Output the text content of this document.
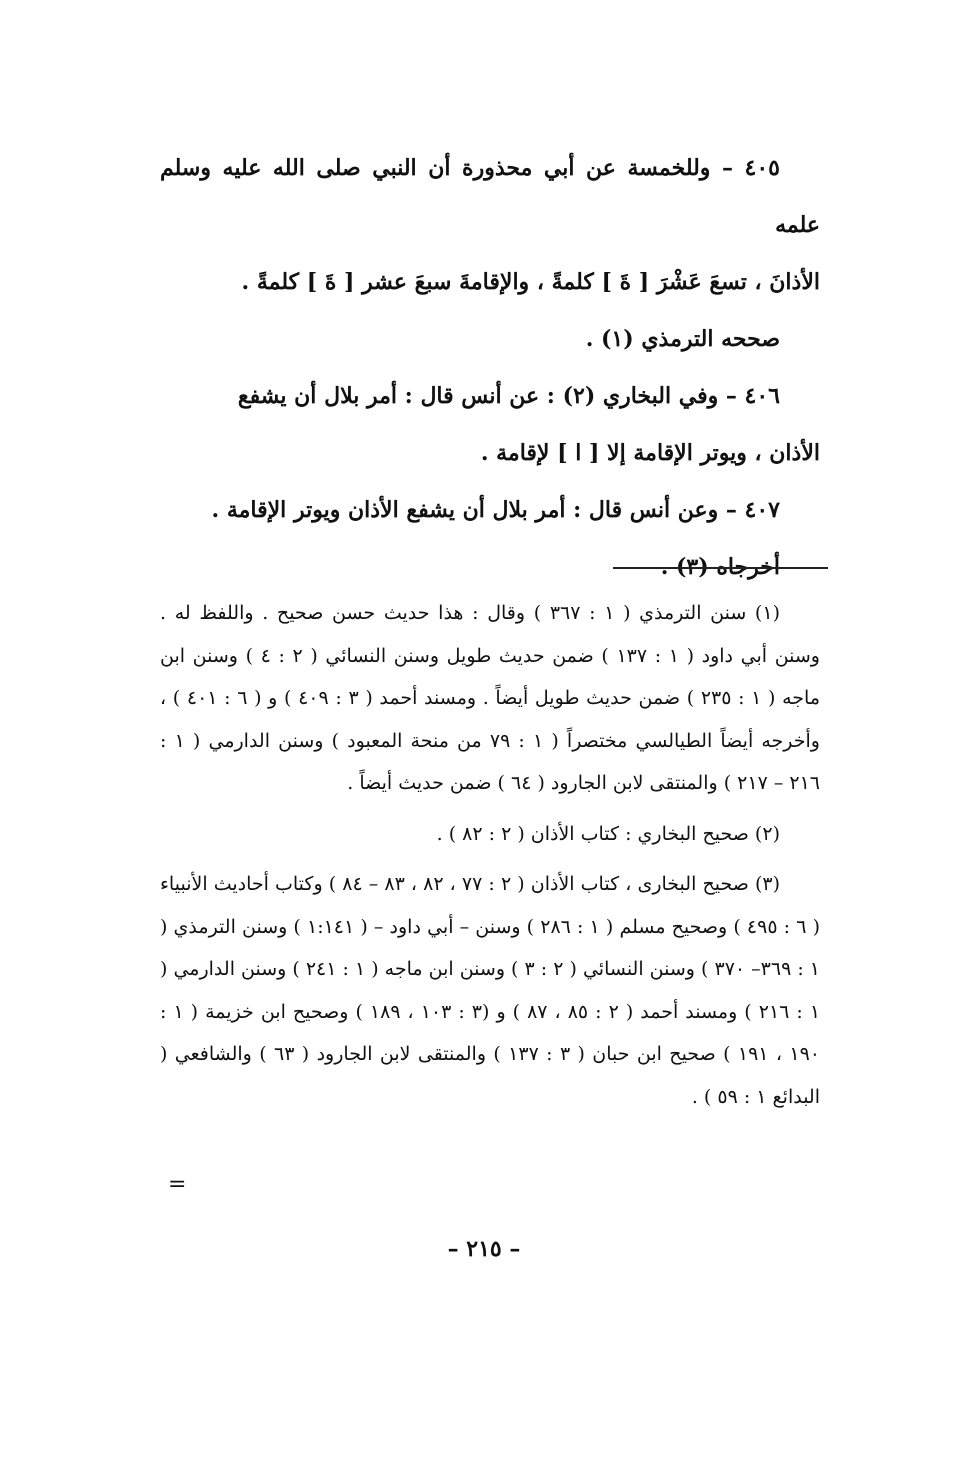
٤٠٥ – وللخمسة عن أبي محذورة أن النبي صلى الله عليه وسلم علمه

الأذانَ ، تسعَ عَشْرَ [ ةَ ] كلمةً ، والإقامةَ سبعَ عشر [ ةَ ] كلمةً .

صححه الترمذي (١) .

٤٠٦ – وفي البخاري (٢) : عن أنس قال : أمر بلال أن يشفع

الأذان ، ويوتر الإقامة إلا [ ا ] لإقامة .

٤٠٧ – وعن أنس قال : أمر بلال أن يشفع الأذان ويوتر الإقامة .

أخرجاه (٣) .

(١) سنن الترمذي ( ١ : ٣٦٧ ) وقال : هذا حديث حسن صحيح . واللفظ له . وسنن أبي داود ( ١ : ١٣٧ ) ضمن حديث طويل وسنن النسائي ( ٢ : ٤ ) وسنن ابن ماجه ( ١ : ٢٣٥ ) ضمن حديث طويل أيضاً . ومسند أحمد ( ٣ : ٤٠٩ ) و ( ٦ : ٤٠١ ) ، وأخرجه أيضاً الطيالسي مختصراً ( ١ : ٧٩ من منحة المعبود ) وسنن الدارمي ( ١ : ٢١٦ – ٢١٧ ) والمنتقى لابن الجارود ( ٦٤ ) ضمن حديث أيضاً .

(٢) صحيح البخاري : كتاب الأذان ( ٢ : ٨٢ ) .

(٣) صحيح البخارى ، كتاب الأذان ( ٢ : ٧٧ ، ٨٢ ، ٨٣ – ٨٤ ) وكتاب أحاديث الأنبياء ( ٦ : ٤٩٥ ) وصحيح مسلم ( ١ : ٢٨٦ ) وسنن – أبي داود – ( ١:١٤١ ) وسنن الترمذي ( ١ : ٣٦٩– ٣٧٠ ) وسنن النسائي ( ٢ : ٣ ) وسنن ابن ماجه ( ١ : ٢٤١ ) وسنن الدارمي ( ١ : ٢١٦ ) ومسند أحمد ( ٢ : ٨٥ ، ٨٧ ) و (٣ : ١٠٣ ، ١٨٩ ) وصحيح ابن خزيمة ( ١ : ١٩٠ ، ١٩١ ) صحيح ابن حبان ( ٣ : ١٣٧ ) والمنتقى لابن الجارود ( ٦٣ ) والشافعي ( البدائع ١ : ٥٩ ) .

=
– ٢١٥ –
